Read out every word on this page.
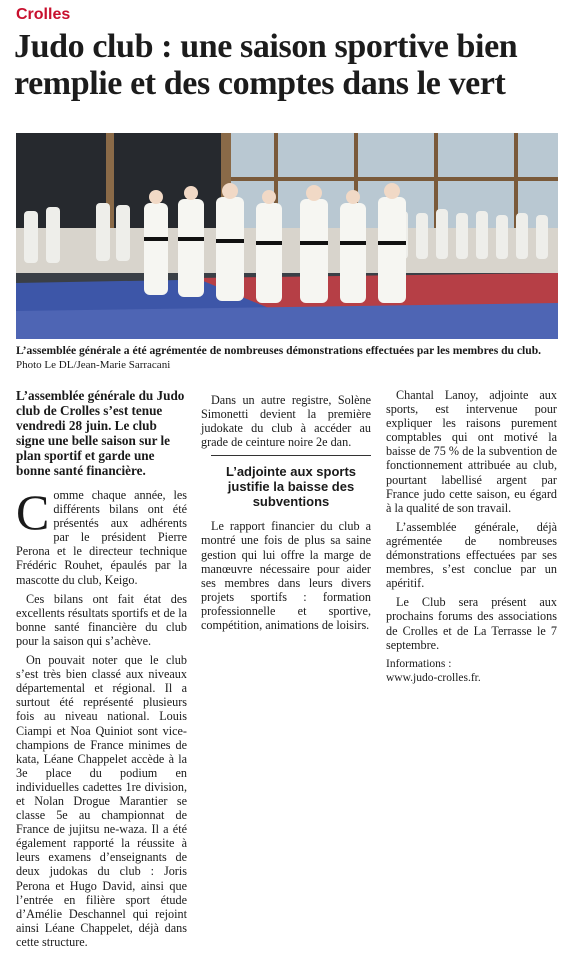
Crolles
Judo club : une saison sportive bien remplie et des comptes dans le vert

L’assemblée générale a été agrémentée de nombreuses démonstrations effectuées par les membres du club. Photo Le DL/Jean-Marie Sarracani

L’assemblée générale du Judo club de Crolles s’est tenue vendredi 28 juin. Le club signe une belle saison sur le plan sportif et garde une bonne santé financière.

Comme chaque année, les différents bilans ont été présentés aux adhérents par le président Pierre Perona et le directeur technique Frédéric Rouhet, épaulés par la mascotte du club, Keigo.

Ces bilans ont fait état des excellents résultats sportifs et de la bonne santé financière du club pour la saison qui s’achève.

On pouvait noter que le club s’est très bien classé aux niveaux départemental et régional. Il a surtout été représenté plusieurs fois au niveau national. Louis Ciampi et Noa Quiniot sont vice-champions de France minimes de kata, Léane Chappelet accède à la 3e place du podium en individuelles cadettes 1re division, et Nolan Drogue Marantier se classe 5e au championnat de France de jujitsu ne-waza. Il a été également rapporté la réussite à leurs examens d’enseignants de deux judokas du club : Joris Perona et Hugo David, ainsi que l’entrée en filière sport étude d’Amélie Deschannel qui rejoint ainsi Léane Chappelet, déjà dans cette structure.

Dans un autre registre, Solène Simonetti devient la première judokate du club à accéder au grade de ceinture noire 2e dan.

L’adjointe aux sports justifie la baisse des subventions

Le rapport financier du club a montré une fois de plus sa saine gestion qui lui offre la marge de manœuvre nécessaire pour aider ses membres dans leurs divers projets sportifs : formation professionnelle et sportive, compétition, animations de loisirs.

Chantal Lanoy, adjointe aux sports, est intervenue pour expliquer les raisons purement comptables qui ont motivé la baisse de 75 % de la subvention de fonctionnement attribuée au club, pourtant labellisé argent par France judo cette saison, eu égard à la qualité de son travail.

L’assemblée générale, déjà agrémentée de nombreuses démonstrations effectuées par ses membres, s’est conclue par un apéritif.

Le Club sera présent aux prochains forums des associations de Crolles et de La Terrasse le 7 septembre.

Informations :
www.judo-crolles.fr.
